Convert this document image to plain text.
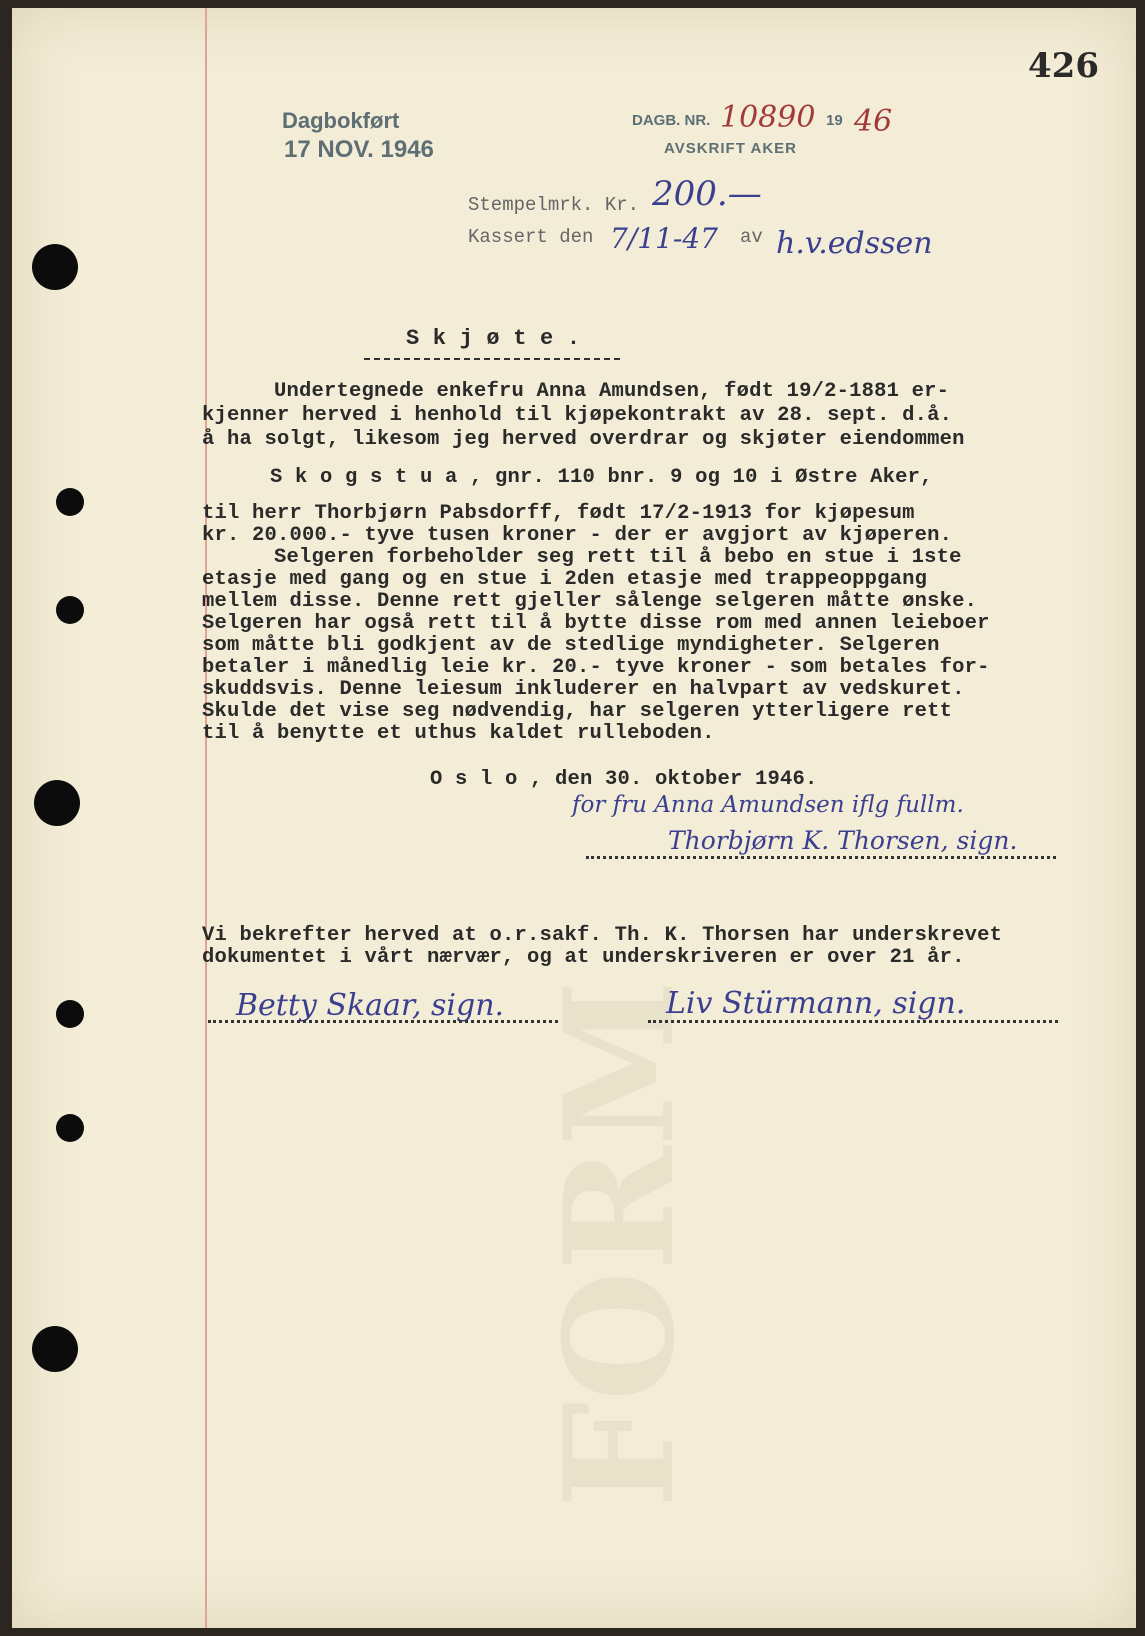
FORM
426
Dagbokført
17 NOV. 1946
DAGB. NR. 10890 19 46
AVSKRIFT AKER
Stempelmrk. Kr. 200.—
Kassert den 7/11-47 av h.v.edssen
S k j ø t e .
Undertegnede enkefru Anna Amundsen, født 19/2-1881 er-
kjenner herved i henhold til kjøpekontrakt av 28. sept. d.å.
å ha solgt, likesom jeg herved overdrar og skjøter eiendommen
S k o g s t u a , gnr. 110 bnr. 9 og 10 i Østre Aker,
til herr Thorbjørn Pabsdorff, født 17/2-1913 for kjøpesum
kr. 20.000.- tyve tusen kroner - der er avgjort av kjøperen.
Selgeren forbeholder seg rett til å bebo en stue i 1ste
etasje med gang og en stue i 2den etasje med trappeoppgang
mellem disse. Denne rett gjeller sålenge selgeren måtte ønske.
Selgeren har også rett til å bytte disse rom med annen leieboer
som måtte bli godkjent av de stedlige myndigheter. Selgeren
betaler i månedlig leie kr. 20.- tyve kroner - som betales for-
skuddsvis. Denne leiesum inkluderer en halvpart av vedskuret.
Skulde det vise seg nødvendig, har selgeren ytterligere rett
til å benytte et uthus kaldet rulleboden.
O s l o , den 30. oktober 1946.
for fru Anna Amundsen iflg fullm.
Thorbjørn K. Thorsen, sign.
Vi bekrefter herved at o.r.sakf. Th. K. Thorsen har underskrevet
dokumentet i vårt nærvær, og at underskriveren er over 21 år.
Betty Skaar, sign.	Liv Stürmann, sign.
